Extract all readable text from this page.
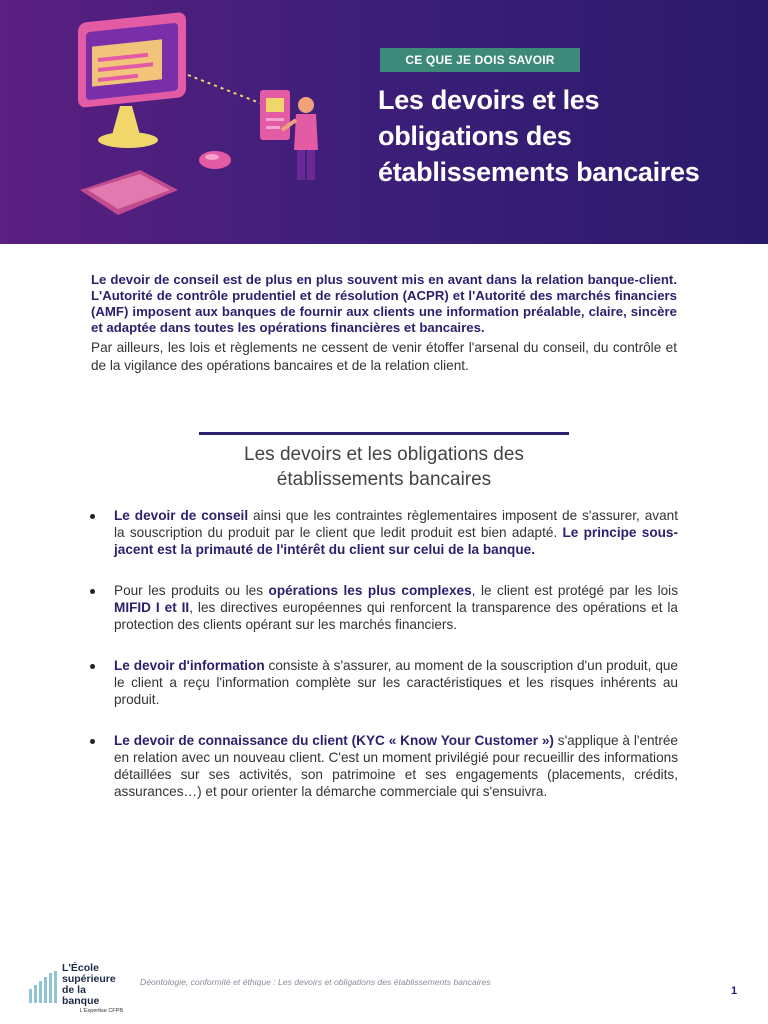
CE QUE JE DOIS SAVOIR
Les devoirs et les
obligations des
établissements bancaires

Le devoir de conseil est de plus en plus souvent mis en avant dans la relation banque-client. L'Autorité de contrôle prudentiel et de résolution (ACPR) et l'Autorité des marchés financiers (AMF) imposent aux banques de fournir aux clients une information préalable, claire, sincère et adaptée dans toutes les opérations financières et bancaires.

Par ailleurs, les lois et règlements ne cessent de venir étoffer l'arsenal du conseil, du contrôle et de la vigilance des opérations bancaires et de la relation client.

Les devoirs et les obligations des
établissements bancaires
Le devoir de conseil ainsi que les contraintes règlementaires imposent de s'assurer, avant la souscription du produit par le client que ledit produit est bien adapté. Le principe sous-jacent est la primauté de l'intérêt du client sur celui de la banque.
Pour les produits ou les opérations les plus complexes, le client est protégé par les lois MIFID I et II, les directives européennes qui renforcent la transparence des opérations et la protection des clients opérant sur les marchés financiers.
Le devoir d'information consiste à s'assurer, au moment de la souscription d'un produit, que le client a reçu l'information complète sur les caractéristiques et les risques inhérents au produit.
Le devoir de connaissance du client (KYC « Know Your Customer ») s'applique à l'entrée en relation avec un nouveau client. C'est un moment privilégié pour recueillir des informations détaillées sur ses activités, son patrimoine et ses engagements (placements, crédits, assurances…) et pour orienter la démarche commerciale qui s'ensuivra.
L'École
supérieure
de la banque
L'Expertise CFPB
Déontologie, conformité et éthique : Les devoirs et obligations des établissements bancaires
1
